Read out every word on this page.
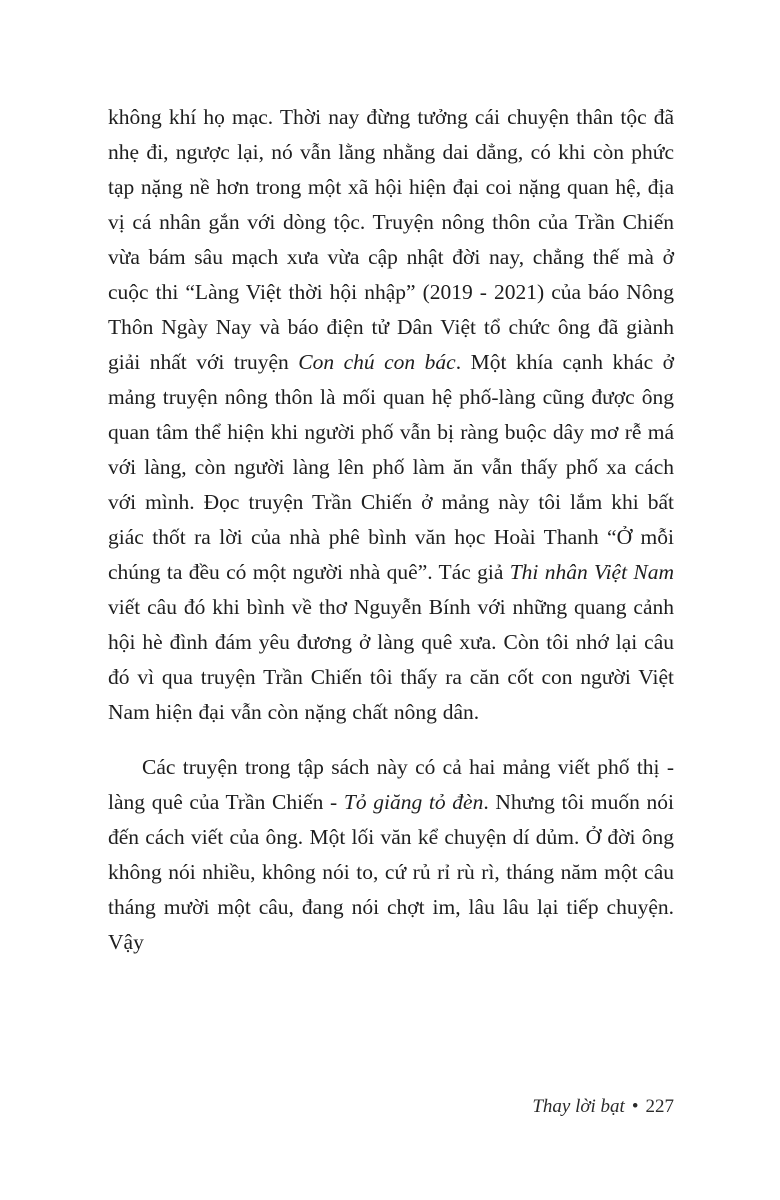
không khí họ mạc. Thời nay đừng tưởng cái chuyện thân tộc đã nhẹ đi, ngược lại, nó vẫn lằng nhằng dai dẳng, có khi còn phức tạp nặng nề hơn trong một xã hội hiện đại coi nặng quan hệ, địa vị cá nhân gắn với dòng tộc. Truyện nông thôn của Trần Chiến vừa bám sâu mạch xưa vừa cập nhật đời nay, chẳng thế mà ở cuộc thi “Làng Việt thời hội nhập” (2019 - 2021) của báo Nông Thôn Ngày Nay và báo điện tử Dân Việt tổ chức ông đã giành giải nhất với truyện Con chú con bác. Một khía cạnh khác ở mảng truyện nông thôn là mối quan hệ phố-làng cũng được ông quan tâm thể hiện khi người phố vẫn bị ràng buộc dây mơ rễ má với làng, còn người làng lên phố làm ăn vẫn thấy phố xa cách với mình. Đọc truyện Trần Chiến ở mảng này tôi lắm khi bất giác thốt ra lời của nhà phê bình văn học Hoài Thanh “Ở mỗi chúng ta đều có một người nhà quê”. Tác giả Thi nhân Việt Nam viết câu đó khi bình về thơ Nguyễn Bính với những quang cảnh hội hè đình đám yêu đương ở làng quê xưa. Còn tôi nhớ lại câu đó vì qua truyện Trần Chiến tôi thấy ra căn cốt con người Việt Nam hiện đại vẫn còn nặng chất nông dân.

Các truyện trong tập sách này có cả hai mảng viết phố thị - làng quê của Trần Chiến - Tỏ giăng tỏ đèn. Nhưng tôi muốn nói đến cách viết của ông. Một lối văn kể chuyện dí dủm. Ở đời ông không nói nhiều, không nói to, cứ rủ rỉ rù rì, tháng năm một câu tháng mười một câu, đang nói chợt im, lâu lâu lại tiếp chuyện. Vậy

Thay lời bạt • 227
